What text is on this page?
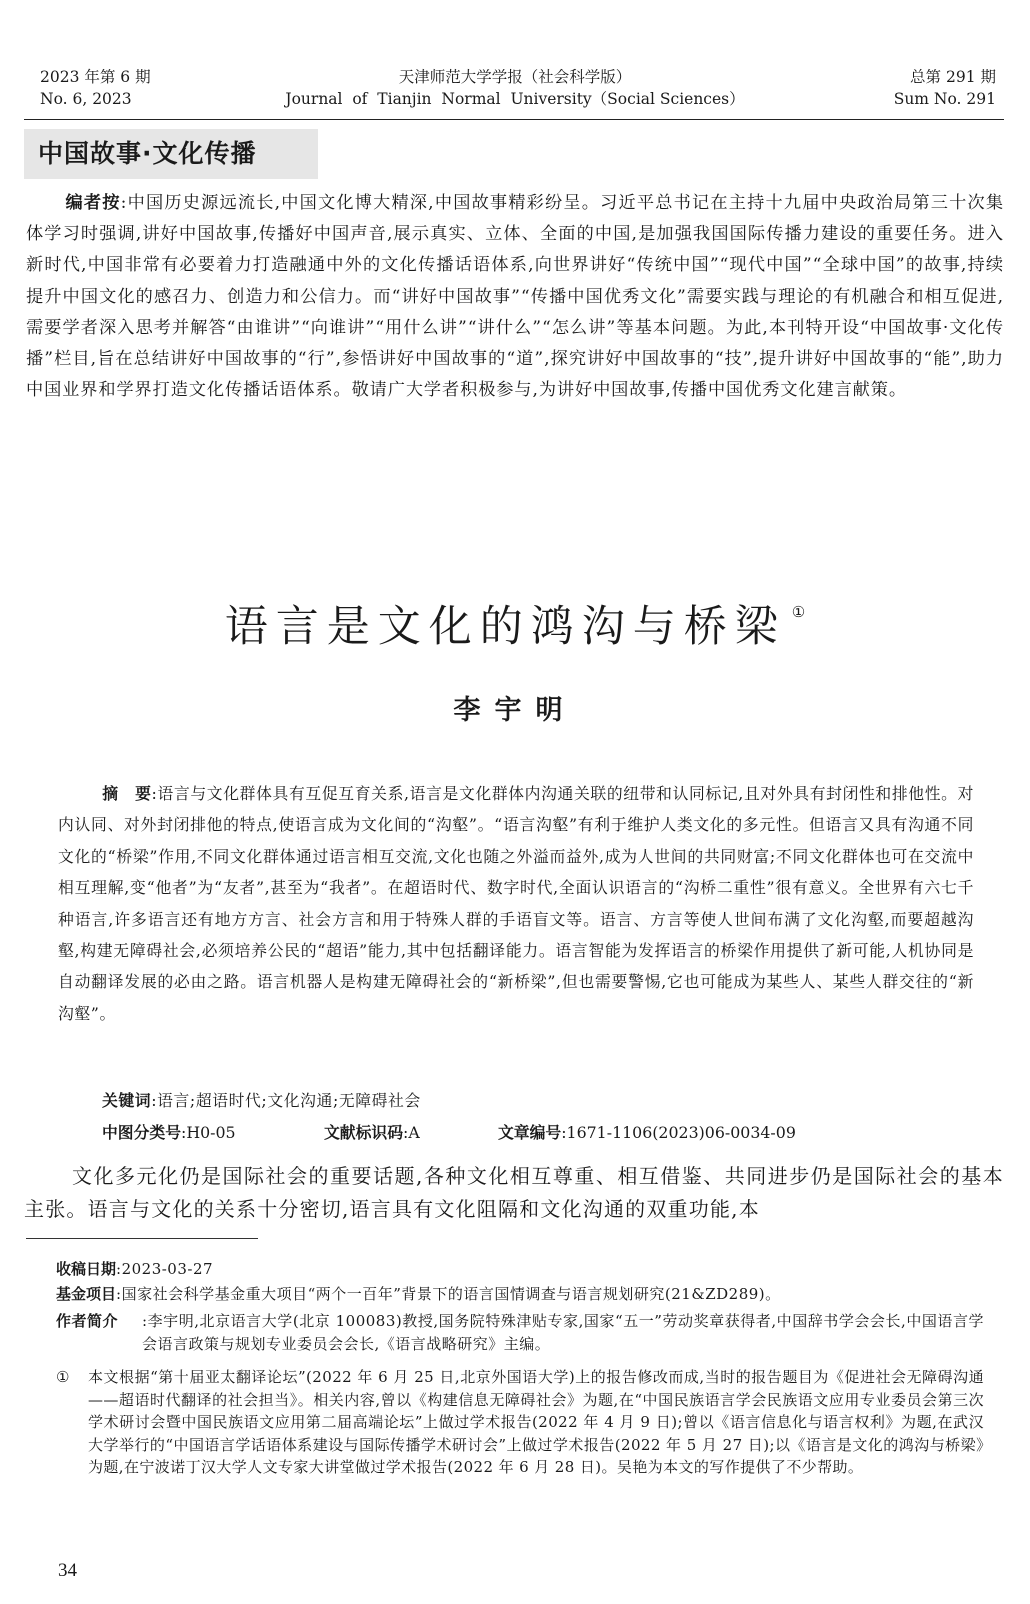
2023 年第 6 期
No. 6, 2023
天津师范大学学报（社会科学版）
Journal  of  Tianjin  Normal  University（Social Sciences）
总第 291 期
Sum No. 291
中国故事·文化传播
编者按:中国历史源远流长,中国文化博大精深,中国故事精彩纷呈。习近平总书记在主持十九届中央政治局第三十次集体学习时强调,讲好中国故事,传播好中国声音,展示真实、立体、全面的中国,是加强我国国际传播力建设的重要任务。进入新时代,中国非常有必要着力打造融通中外的文化传播话语体系,向世界讲好“传统中国”“现代中国”“全球中国”的故事,持续提升中国文化的感召力、创造力和公信力。而“讲好中国故事”“传播中国优秀文化”需要实践与理论的有机融合和相互促进,需要学者深入思考并解答“由谁讲”“向谁讲”“用什么讲”“讲什么”“怎么讲”等基本问题。为此,本刊特开设“中国故事·文化传播”栏目,旨在总结讲好中国故事的“行”,参悟讲好中国故事的“道”,探究讲好中国故事的“技”,提升讲好中国故事的“能”,助力中国业界和学界打造文化传播话语体系。敬请广大学者积极参与,为讲好中国故事,传播中国优秀文化建言献策。
语言是文化的鸿沟与桥梁 ①
李宇明
摘　要:语言与文化群体具有互促互育关系,语言是文化群体内沟通关联的纽带和认同标记,且对外具有封闭性和排他性。对内认同、对外封闭排他的特点,使语言成为文化间的“沟壑”。“语言沟壑”有利于维护人类文化的多元性。但语言又具有沟通不同文化的“桥梁”作用,不同文化群体通过语言相互交流,文化也随之外溢而益外,成为人世间的共同财富;不同文化群体也可在交流中相互理解,变“他者”为“友者”,甚至为“我者”。在超语时代、数字时代,全面认识语言的“沟桥二重性”很有意义。全世界有六七千种语言,许多语言还有地方方言、社会方言和用于特殊人群的手语盲文等。语言、方言等使人世间布满了文化沟壑,而要超越沟壑,构建无障碍社会,必须培养公民的“超语”能力,其中包括翻译能力。语言智能为发挥语言的桥梁作用提供了新可能,人机协同是自动翻译发展的必由之路。语言机器人是构建无障碍社会的“新桥梁”,但也需要警惕,它也可能成为某些人、某些人群交往的“新沟壑”。
关键词:语言;超语时代;文化沟通;无障碍社会
中图分类号:H0-05	文献标识码:A	文章编号:1671-1106(2023)06-0034-09
文化多元化仍是国际社会的重要话题,各种文化相互尊重、相互借鉴、共同进步仍是国际社会的基本主张。语言与文化的关系十分密切,语言具有文化阻隔和文化沟通的双重功能,本
收稿日期:2023-03-27
基金项目:国家社会科学基金重大项目“两个一百年”背景下的语言国情调查与语言规划研究(21&ZD289)。
作者简介	:李宇明,北京语言大学(北京 100083)教授,国务院特殊津贴专家,国家“五一”劳动奖章获得者,中国辞书学会会长,中国语言学会语言政策与规划专业委员会会长,《语言战略研究》主编。
① 本文根据“第十届亚太翻译论坛”(2022 年 6 月 25 日,北京外国语大学)上的报告修改而成,当时的报告题目为《促进社会无障碍沟通——超语时代翻译的社会担当》。相关内容,曾以《构建信息无障碍社会》为题,在“中国民族语言学会民族语文应用专业委员会第三次学术研讨会暨中国民族语文应用第二届高端论坛”上做过学术报告(2022 年 4 月 9 日);曾以《语言信息化与语言权利》为题,在武汉大学举行的“中国语言学话语体系建设与国际传播学术研讨会”上做过学术报告(2022 年 5 月 27 日);以《语言是文化的鸿沟与桥梁》为题,在宁波诺丁汉大学人文专家大讲堂做过学术报告(2022 年 6 月 28 日)。吴艳为本文的写作提供了不少帮助。
34
